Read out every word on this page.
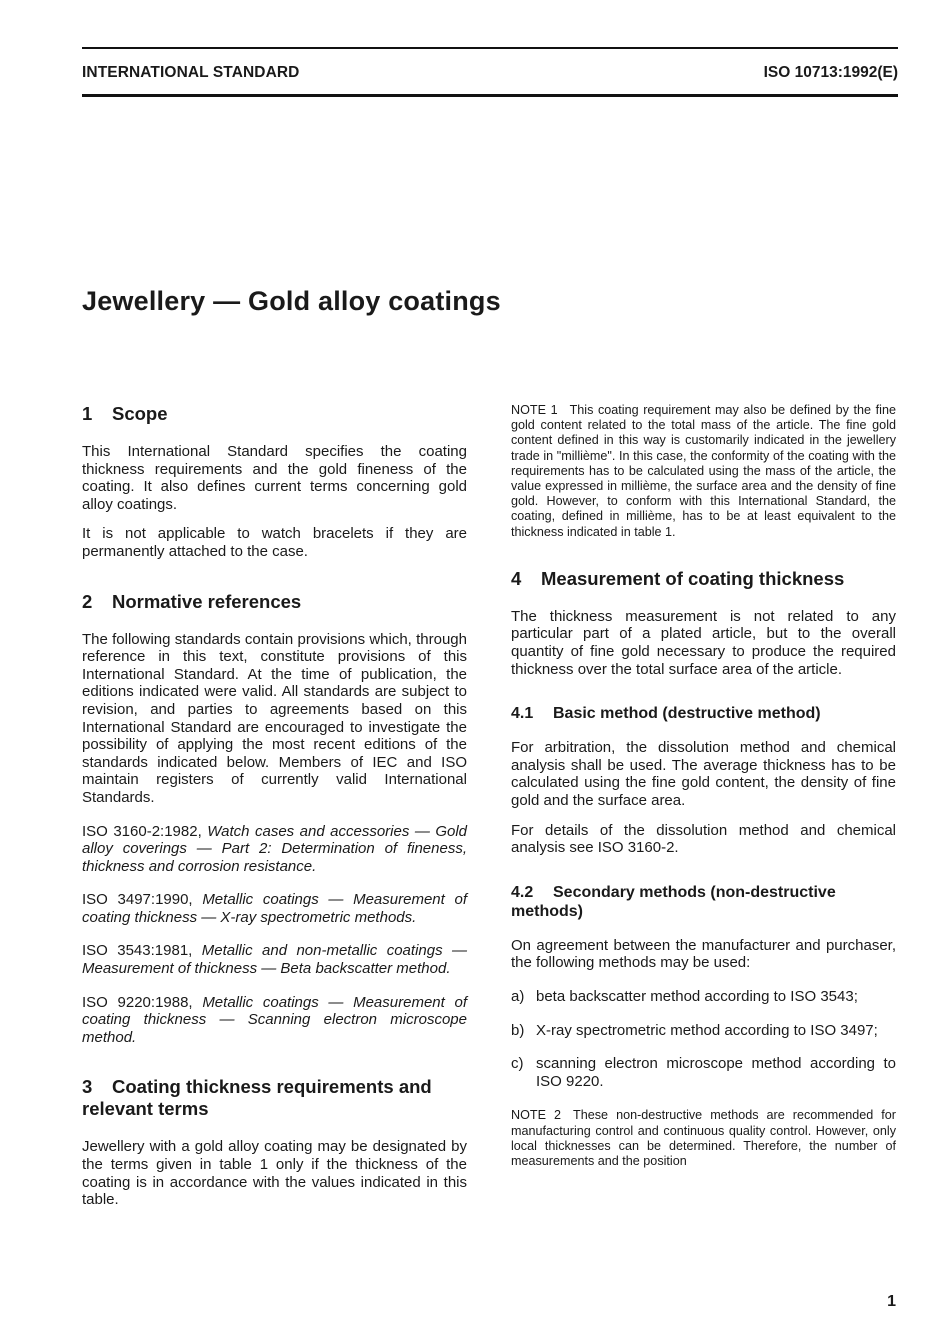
INTERNATIONAL STANDARD	ISO 10713:1992(E)
Jewellery — Gold alloy coatings
1 Scope

This International Standard specifies the coating thickness requirements and the gold fineness of the coating. It also defines current terms concerning gold alloy coatings.

It is not applicable to watch bracelets if they are permanently attached to the case.

2 Normative references

The following standards contain provisions which, through reference in this text, constitute provisions of this International Standard. At the time of publication, the editions indicated were valid. All standards are subject to revision, and parties to agreements based on this International Standard are encouraged to investigate the possibility of applying the most recent editions of the standards indicated below. Members of IEC and ISO maintain registers of currently valid International Standards.

ISO 3160-2:1982, Watch cases and accessories — Gold alloy coverings — Part 2: Determination of fineness, thickness and corrosion resistance.

ISO 3497:1990, Metallic coatings — Measurement of coating thickness — X-ray spectrometric methods.

ISO 3543:1981, Metallic and non-metallic coatings — Measurement of thickness — Beta backscatter method.

ISO 9220:1988, Metallic coatings — Measurement of coating thickness — Scanning electron microscope method.

3 Coating thickness requirements and relevant terms

Jewellery with a gold alloy coating may be designated by the terms given in table 1 only if the thickness of the coating is in accordance with the values indicated in this table.

NOTE 1 This coating requirement may also be defined by the fine gold content related to the total mass of the article. The fine gold content defined in this way is customarily indicated in the jewellery trade in "millième". In this case, the conformity of the coating with the requirements has to be calculated using the mass of the article, the value expressed in millième, the surface area and the density of fine gold. However, to conform with this International Standard, the coating, defined in millième, has to be at least equivalent to the thickness indicated in table 1.

4 Measurement of coating thickness

The thickness measurement is not related to any particular part of a plated article, but to the overall quantity of fine gold necessary to produce the required thickness over the total surface area of the article.

4.1 Basic method (destructive method)

For arbitration, the dissolution method and chemical analysis shall be used. The average thickness has to be calculated using the fine gold content, the density of fine gold and the surface area.

For details of the dissolution method and chemical analysis see ISO 3160-2.

4.2 Secondary methods (non-destructive methods)

On agreement between the manufacturer and purchaser, the following methods may be used:

a) beta backscatter method according to ISO 3543;
b) X-ray spectrometric method according to ISO 3497;
c) scanning electron microscope method according to ISO 9220.

NOTE 2 These non-destructive methods are recommended for manufacturing control and continuous quality control. However, only local thicknesses can be determined. Therefore, the number of measurements and the position

1
